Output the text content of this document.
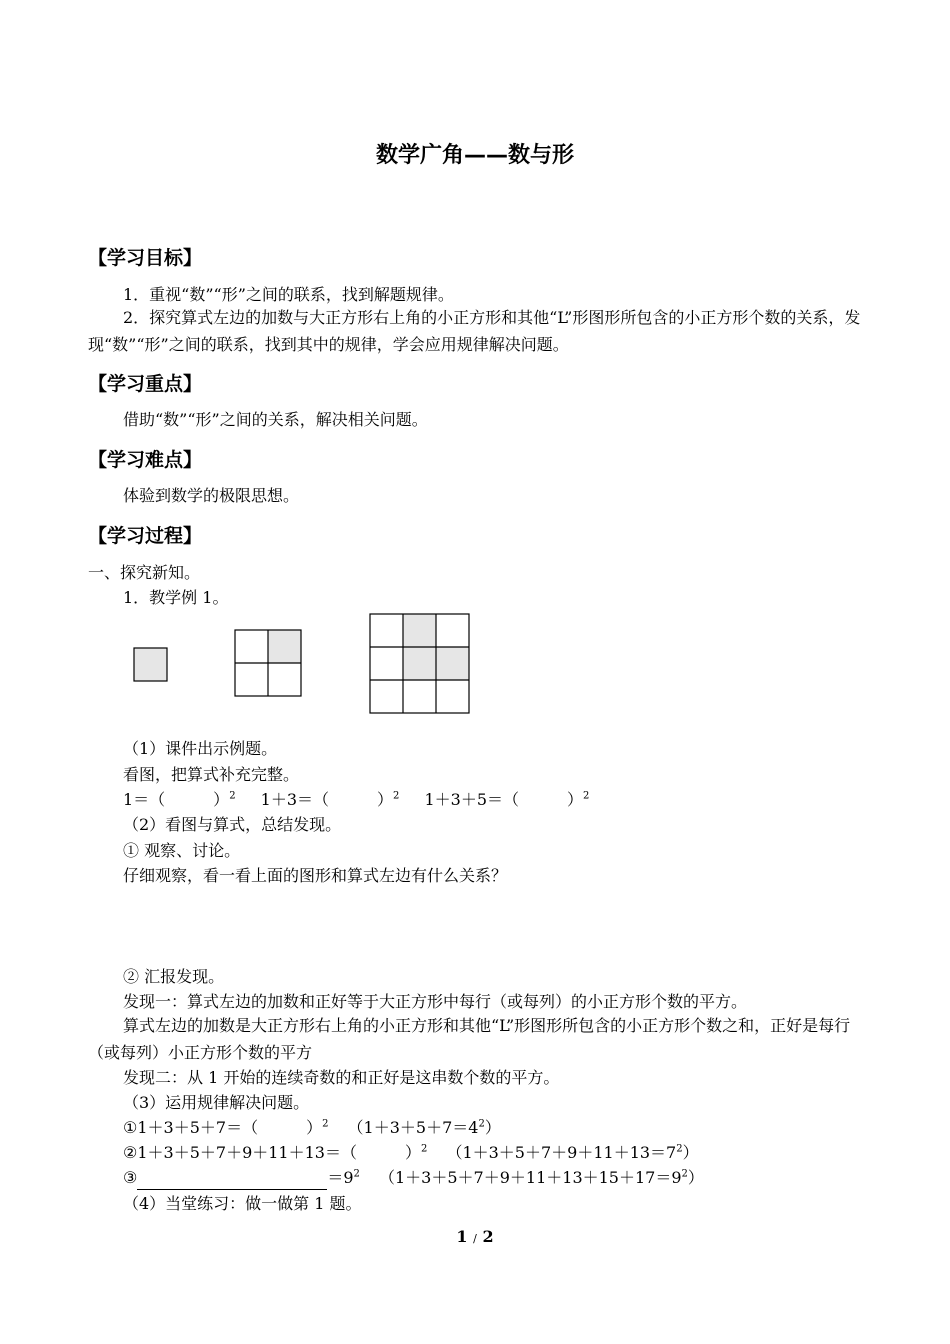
数学广角——数与形
【学习目标】
1．重视“数”“形”之间的联系，找到解题规律。
2．探究算式左边的加数与大正方形右上角的小正方形和其他“L”形图形所包含的小正方形个数的关系，发现“数”“形”之间的联系，找到其中的规律，学会应用规律解决问题。
【学习重点】
借助“数”“形”之间的关系，解决相关问题。
【学习难点】
体验到数学的极限思想。
【学习过程】
一、探究新知。
1．教学例 1。
（1）课件出示例题。
看图，把算式补充完整。
1＝（　　　）$^2$ 1＋3＝（　　　）$^2$ 1＋3＋5＝（　　　）$^2$
（2）看图与算式，总结发现。
① 观察、讨论。
仔细观察，看一看上面的图形和算式左边有什么关系？
② 汇报发现。
发现一：算式左边的加数和正好等于大正方形中每行（或每列）的小正方形个数的平方。
算式左边的加数是大正方形右上角的小正方形和其他“L”形图形所包含的小正方形个数之和，正好是每行（或每列）小正方形个数的平方
发现二：从 1 开始的连续奇数的和正好是这串数个数的平方。
（3）运用规律解决问题。
①1＋3＋5＋7＝（　　　）$^2$ $(1+3+5+7=4^2)$
②1＋3＋5＋7＋9＋11＋13＝（　　　）$^2$ $(1+3+5+7+9+11+13=7^2)$
③	$=9^2$ $(1+3+5+7+9+11+13+15+17=9^2)$
（4）当堂练习：做一做第 1 题。
1 / 2
